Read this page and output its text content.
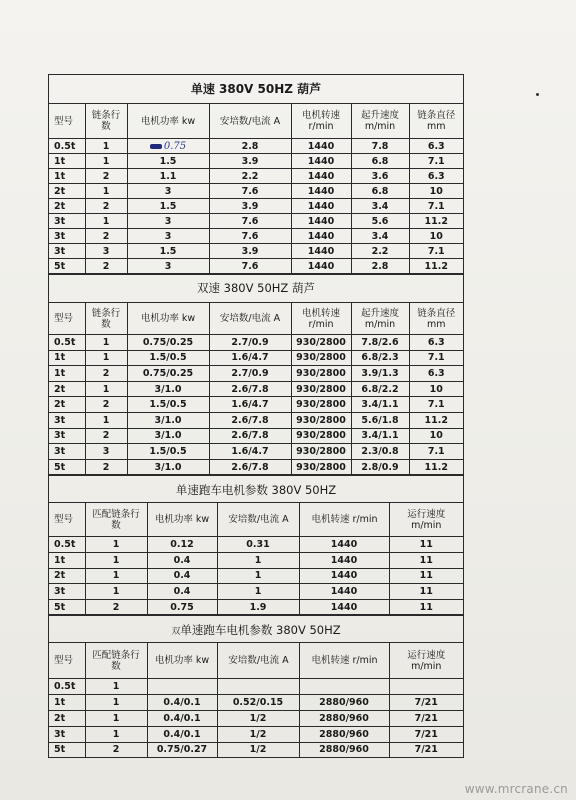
单速 380V 50HZ 葫芦
型号	链条行数	电机功率 kw	安培数/电流 A	电机转速 r/min	起升速度 m/min	链条直径 mm

0.5t	1	0.75	2.8	1440	7.8	6.3
1t	1	1.5	3.9	1440	6.8	7.1
1t	2	1.1	2.2	1440	3.6	6.3
2t	1	3	7.6	1440	6.8	10
2t	2	1.5	3.9	1440	3.4	7.1
3t	1	3	7.6	1440	5.6	11.2
3t	2	3	7.6	1440	3.4	10
3t	3	1.5	3.9	1440	2.2	7.1
5t	2	3	7.6	1440	2.8	11.2
双速 380V 50HZ 葫芦
型号	链条行数	电机功率 kw	安培数/电流 A	电机转速 r/min	起升速度 m/min	链条直径 mm

0.5t	1	0.75/0.25	2.7/0.9	930/2800	7.8/2.6	6.3
1t	1	1.5/0.5	1.6/4.7	930/2800	6.8/2.3	7.1
1t	2	0.75/0.25	2.7/0.9	930/2800	3.9/1.3	6.3
2t	1	3/1.0	2.6/7.8	930/2800	6.8/2.2	10
2t	2	1.5/0.5	1.6/4.7	930/2800	3.4/1.1	7.1
3t	1	3/1.0	2.6/7.8	930/2800	5.6/1.8	11.2
3t	2	3/1.0	2.6/7.8	930/2800	3.4/1.1	10
3t	3	1.5/0.5	1.6/4.7	930/2800	2.3/0.8	7.1
5t	2	3/1.0	2.6/7.8	930/2800	2.8/0.9	11.2
单速跑车电机参数 380V 50HZ
型号	匹配链条行数	电机功率 kw	安培数/电流 A	电机转速 r/min	运行速度 m/min

0.5t	1	0.12	0.31	1440	11
1t	1	0.4	1	1440	11
2t	1	0.4	1	1440	11
3t	1	0.4	1	1440	11
5t	2	0.75	1.9	1440	11
双单速跑车电机参数 380V 50HZ
型号	匹配链条行数	电机功率 kw	安培数/电流 A	电机转速 r/min	运行速度 m/min

0.5t	1				
1t	1	0.4/0.1	0.52/0.15	2880/960	7/21
2t	1	0.4/0.1	1/2	2880/960	7/21
3t	1	0.4/0.1	1/2	2880/960	7/21
5t	2	0.75/0.27	1/2	2880/960	7/21
www.mrcrane.cn
